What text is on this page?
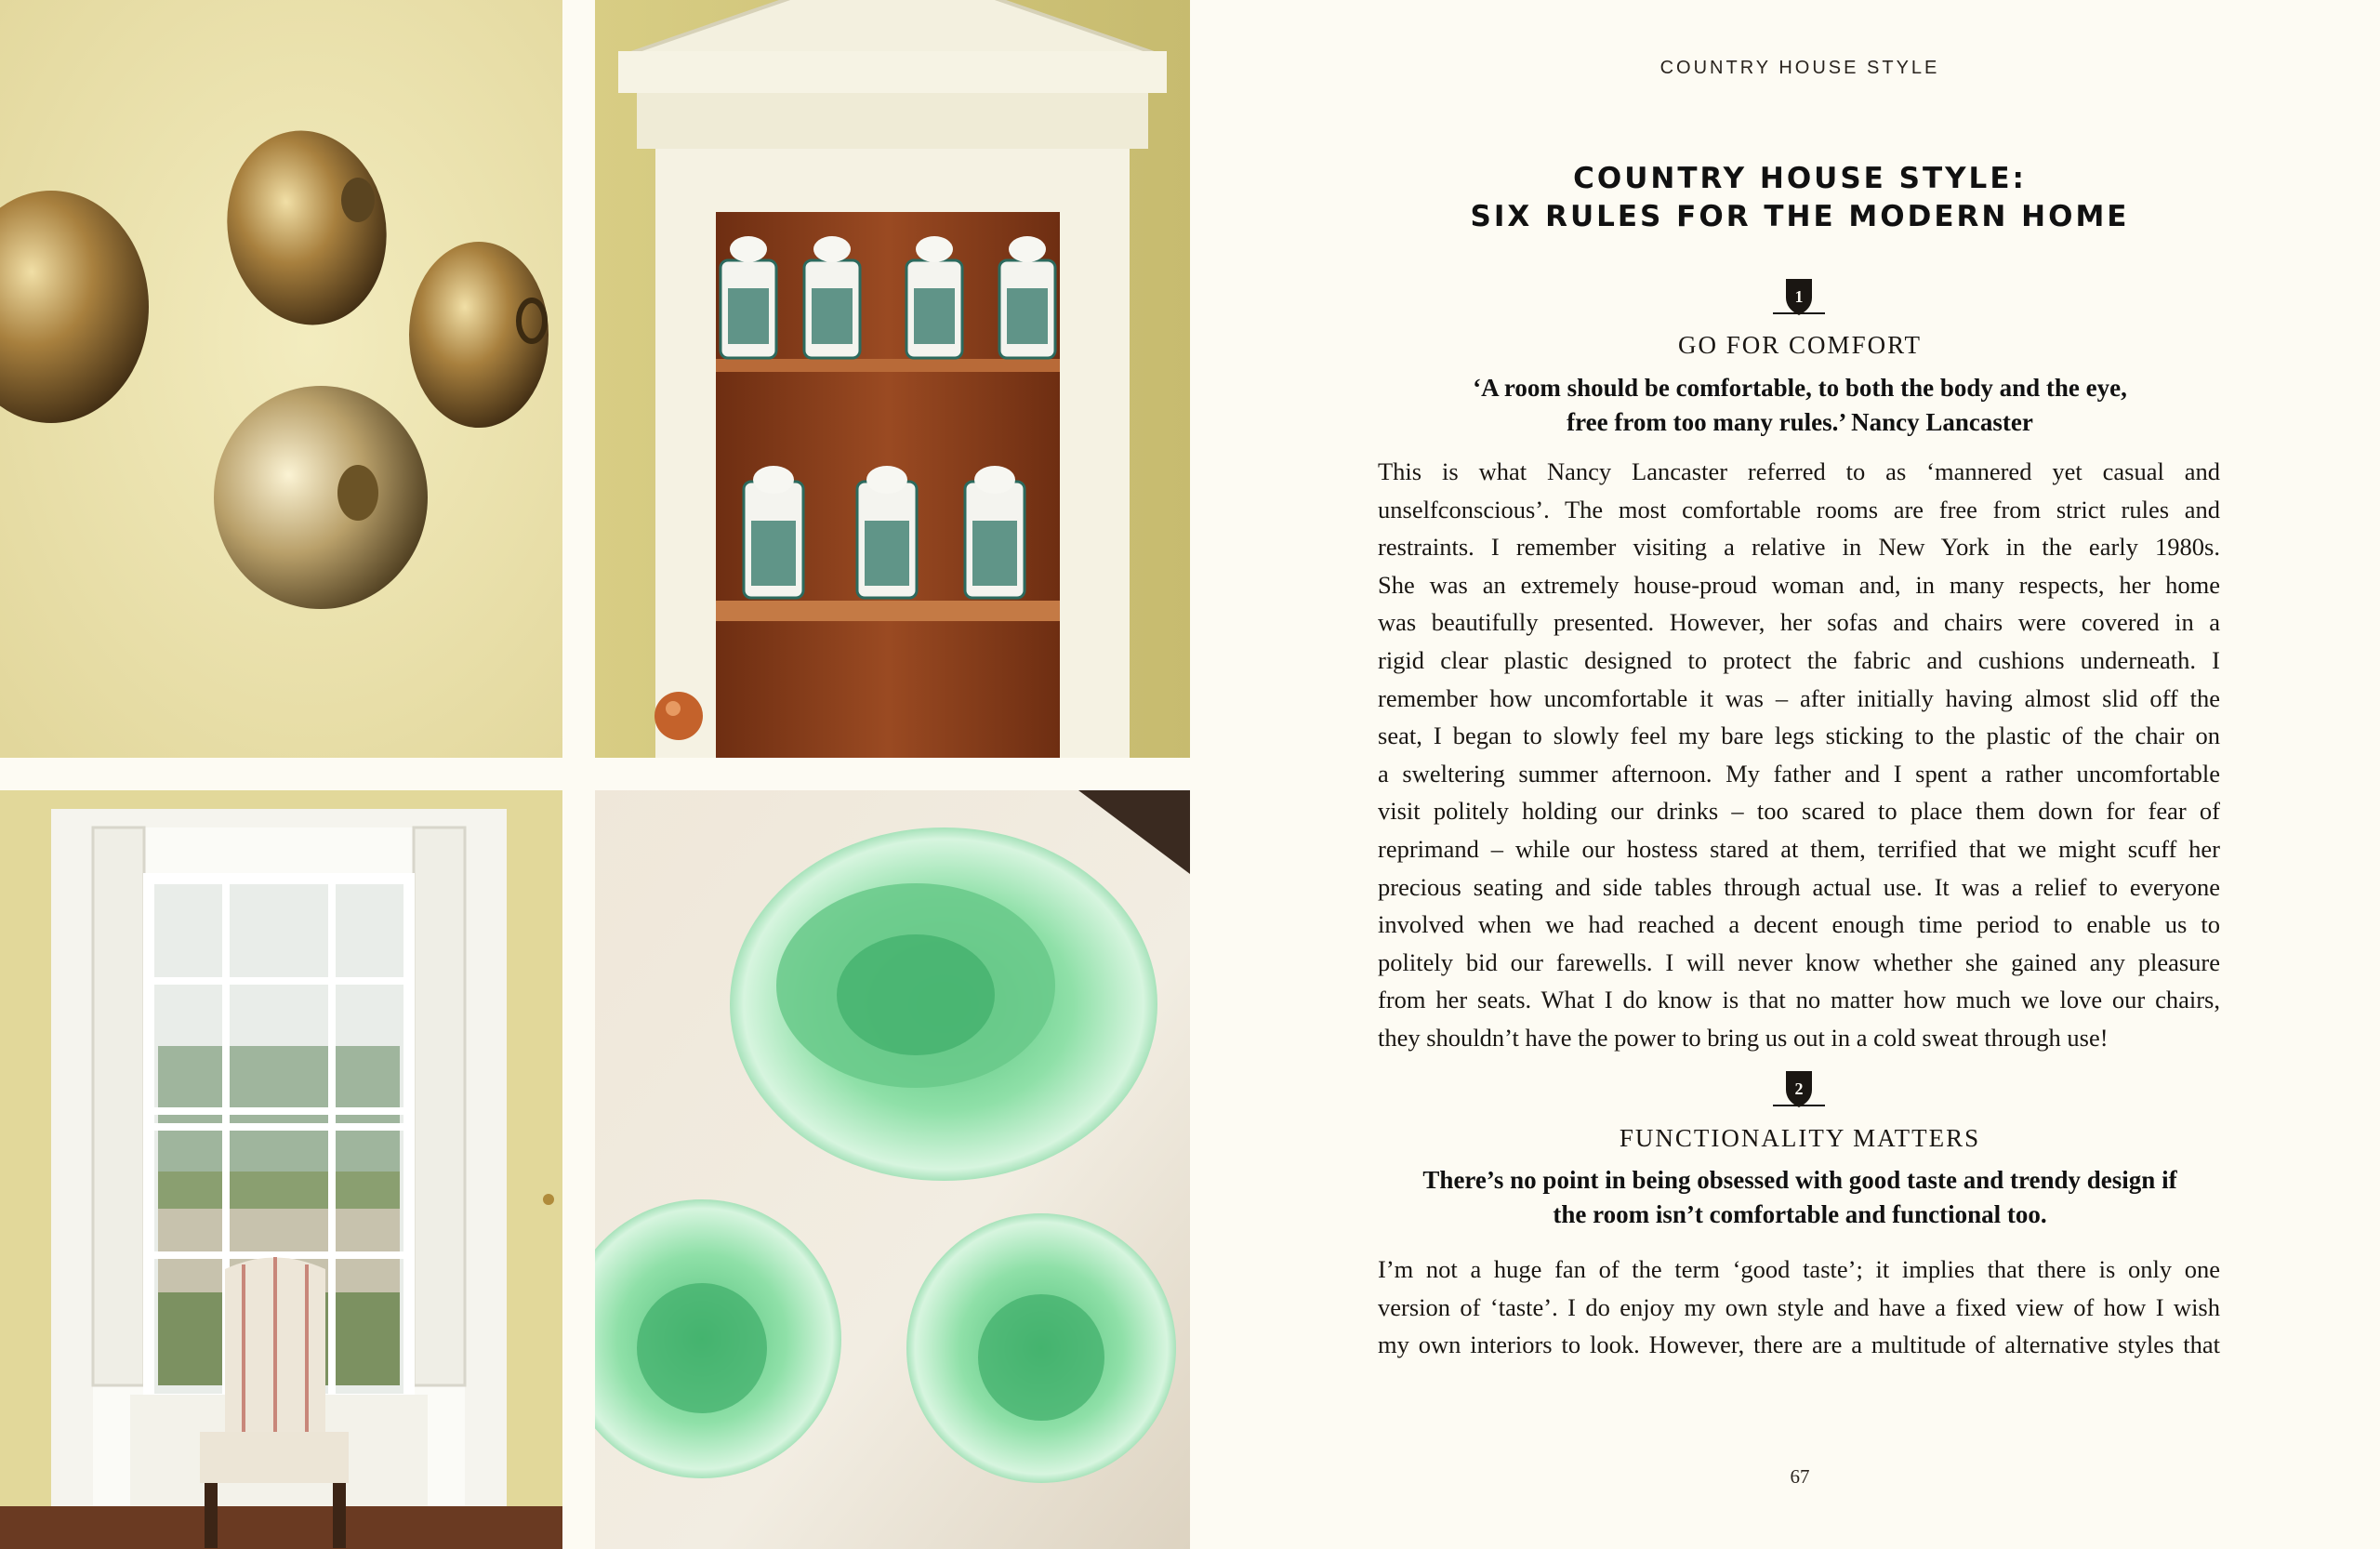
COUNTRY HOUSE STYLE
COUNTRY HOUSE STYLE:
SIX RULES FOR THE MODERN HOME
1
GO FOR COMFORT
‘A room should be comfortable, to both the body and the eye,
free from too many rules.’ Nancy Lancaster
This is what Nancy Lancaster referred to as ‘mannered yet casual and
unselfconscious’. The most comfortable rooms are free from strict rules and
restraints. I remember visiting a relative in New York in the early 1980s.
She was an extremely house-proud woman and, in many respects, her home
was beautifully presented. However, her sofas and chairs were covered in a
rigid clear plastic designed to protect the fabric and cushions underneath. I
remember how uncomfortable it was – after initially having almost slid off the
seat, I began to slowly feel my bare legs sticking to the plastic of the chair on
a sweltering summer afternoon. My father and I spent a rather uncomfortable
visit politely holding our drinks – too scared to place them down for fear of
reprimand – while our hostess stared at them, terrified that we might scuff her
precious seating and side tables through actual use. It was a relief to everyone
involved when we had reached a decent enough time period to enable us to
politely bid our farewells. I will never know whether she gained any pleasure
from her seats. What I do know is that no matter how much we love our chairs,
they shouldn’t have the power to bring us out in a cold sweat through use!
2
FUNCTIONALITY MATTERS
There’s no point in being obsessed with good taste and trendy design if
the room isn’t comfortable and functional too.
I’m not a huge fan of the term ‘good taste’; it implies that there is only one
version of ‘taste’. I do enjoy my own style and have a fixed view of how I wish
my own interiors to look. However, there are a multitude of alternative styles that
67
